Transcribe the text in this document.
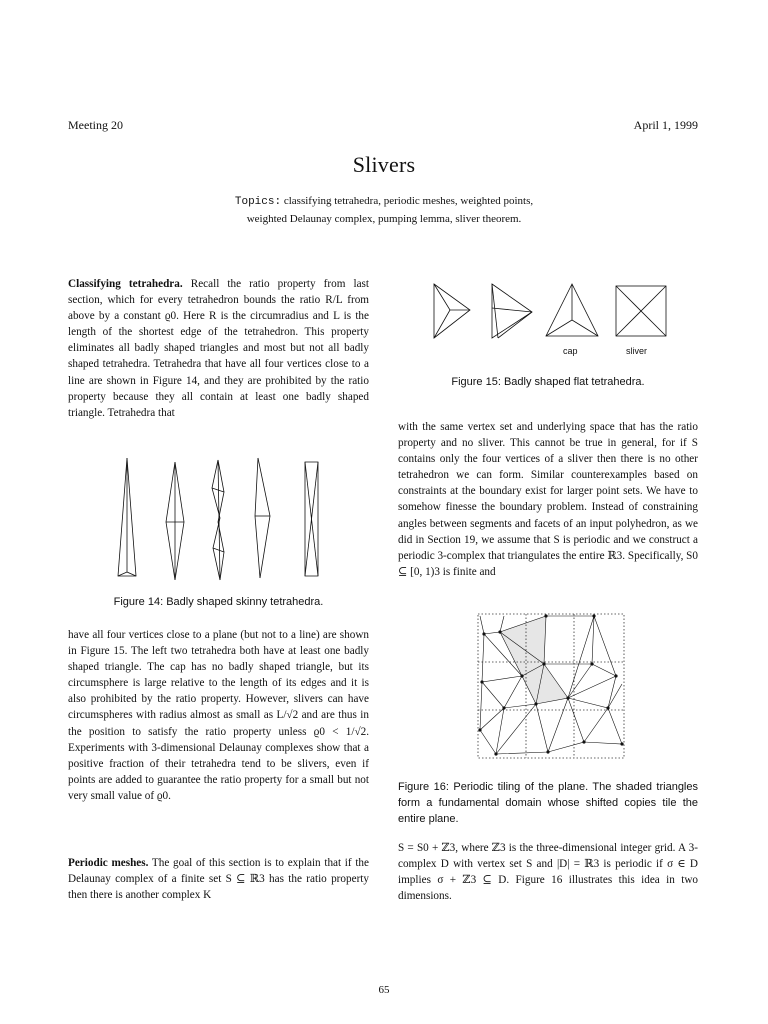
Meeting 20	April 1, 1999
Slivers
Topics: classifying tetrahedra, periodic meshes, weighted points,
weighted Delaunay complex, pumping lemma, sliver theorem.
Classifying tetrahedra. Recall the ratio property from last section, which for every tetrahedron bounds the ratio R/L from above by a constant ϱ0. Here R is the circumradius and L is the length of the shortest edge of the tetrahedron. This property eliminates all badly shaped triangles and most but not all badly shaped tetrahedra. Tetrahedra that have all four vertices close to a line are shown in Figure 14, and they are prohibited by the ratio property because they all contain at least one badly shaped triangle. Tetrahedra that
Figure 14: Badly shaped skinny tetrahedra.
have all four vertices close to a plane (but not to a line) are shown in Figure 15. The left two tetrahedra both have at least one badly shaped triangle. The cap has no badly shaped triangle, but its circumsphere is large relative to the length of its edges and it is also prohibited by the ratio property. However, slivers can have circumspheres with radius almost as small as L/√2 and are thus in the position to satisfy the ratio property unless ϱ0 < 1/√2. Experiments with 3-dimensional Delaunay complexes show that a positive fraction of their tetrahedra tend to be slivers, even if points are added to guarantee the ratio property for a small but not very small value of ϱ0.
Periodic meshes. The goal of this section is to explain that if the Delaunay complex of a finite set S ⊆ ℝ3 has the ratio property then there is another complex K
cap	sliver
Figure 15: Badly shaped flat tetrahedra.
with the same vertex set and underlying space that has the ratio property and no sliver. This cannot be true in general, for if S contains only the four vertices of a sliver then there is no other tetrahedron we can form. Similar counterexamples based on constraints at the boundary exist for larger point sets. We have to somehow finesse the boundary problem. Instead of constraining angles between segments and facets of an input polyhedron, as we did in Section 19, we assume that S is periodic and we construct a periodic 3-complex that triangulates the entire ℝ3. Specifically, S0 ⊆ [0, 1)3 is finite and
Figure 16: Periodic tiling of the plane. The shaded triangles form a fundamental domain whose shifted copies tile the entire plane.
S = S0 + ℤ3, where ℤ3 is the three-dimensional integer grid. A 3-complex D with vertex set S and |D| = ℝ3 is periodic if σ ∈ D implies σ + ℤ3 ⊆ D. Figure 16 illustrates this idea in two dimensions.
65
